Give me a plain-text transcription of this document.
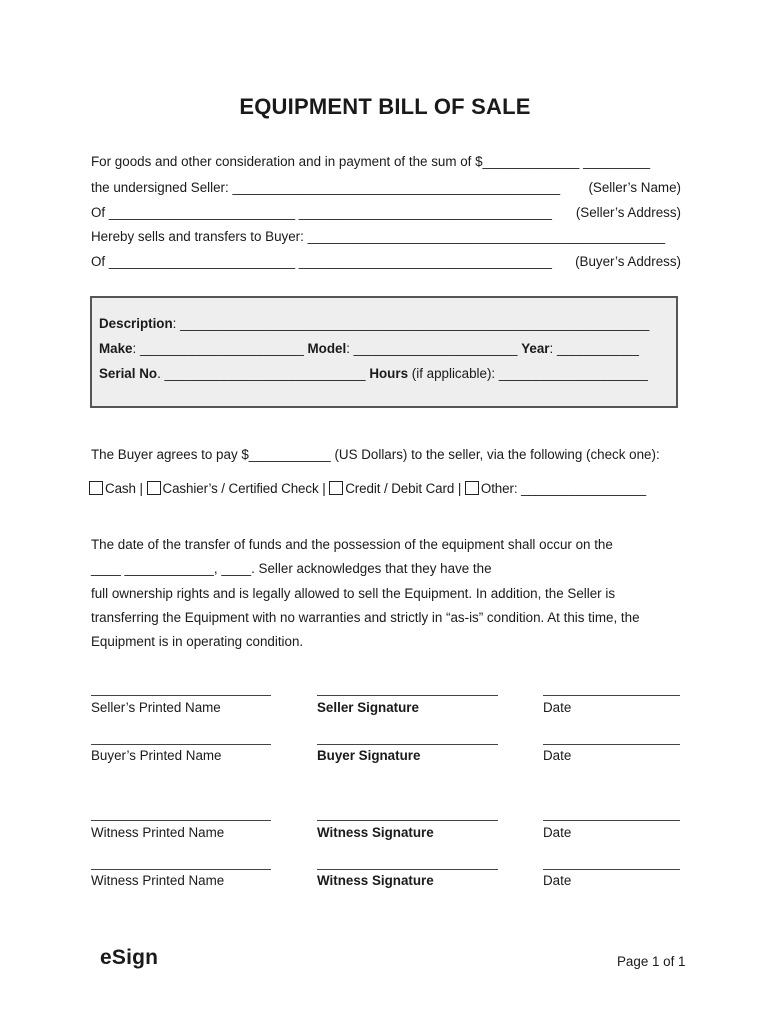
EQUIPMENT BILL OF SALE
For goods and other consideration and in payment of the sum of $_____________ _________
the undersigned Seller: ____________________________________________ (Seller’s Name)
Of _________________________ __________________________________ (Seller’s Address)
Hereby sells and transfers to Buyer: ________________________________________________
Of _________________________ __________________________________ (Buyer’s Address)
Description: _______________________________________________________________
Make: ______________________ Model: ______________________ Year: ___________
Serial No. ___________________________ Hours (if applicable): ____________________
The Buyer agrees to pay $___________ (US Dollars) to the seller, via the following (check one):
Cash | Cashier’s / Certified Check | Credit / Debit Card | Other: _________________
The date of the transfer of funds and the possession of the equipment shall occur on the
____ ____________, ____. Seller acknowledges that they have the
full ownership rights and is legally allowed to sell the Equipment. In addition, the Seller is
transferring the Equipment with no warranties and strictly in “as-is” condition. At this time, the
Equipment is in operating condition.
Seller’s Printed Name	Seller Signature	Date
Buyer’s Printed Name	Buyer Signature	Date
Witness Printed Name	Witness Signature	Date
Witness Printed Name	Witness Signature	Date
eSign	Page 1 of 1
